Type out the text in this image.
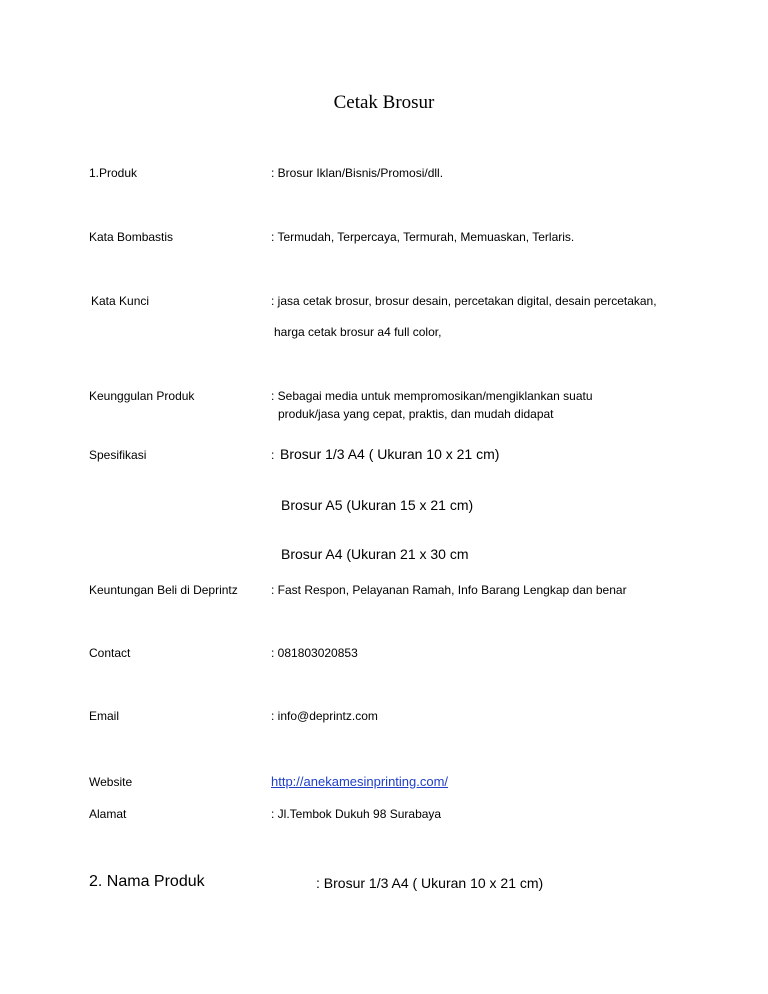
Cetak Brosur
1.Produk	: Brosur Iklan/Bisnis/Promosi/dll.
Kata Bombastis	: Termudah, Terpercaya, Termurah, Memuaskan, Terlaris.
Kata Kunci	: jasa cetak brosur, brosur desain, percetakan digital, desain percetakan,
harga cetak brosur a4 full color,
Keunggulan Produk	: Sebagai media untuk mempromosikan/mengiklankan suatu
produk/jasa yang cepat, praktis, dan mudah didapat
Spesifikasi	: Brosur 1/3 A4 ( Ukuran 10 x 21 cm)
Brosur A5 (Ukuran 15 x 21 cm)
Brosur A4 (Ukuran 21 x 30 cm
Keuntungan Beli di Deprintz	: Fast Respon, Pelayanan Ramah, Info Barang Lengkap dan benar
Contact	: 081803020853
Email	: info@deprintz.com
Website	http://anekamesinprinting.com/
Alamat	: Jl.Tembok Dukuh 98 Surabaya
2. Nama Produk	: Brosur 1/3 A4 ( Ukuran 10 x 21 cm)
